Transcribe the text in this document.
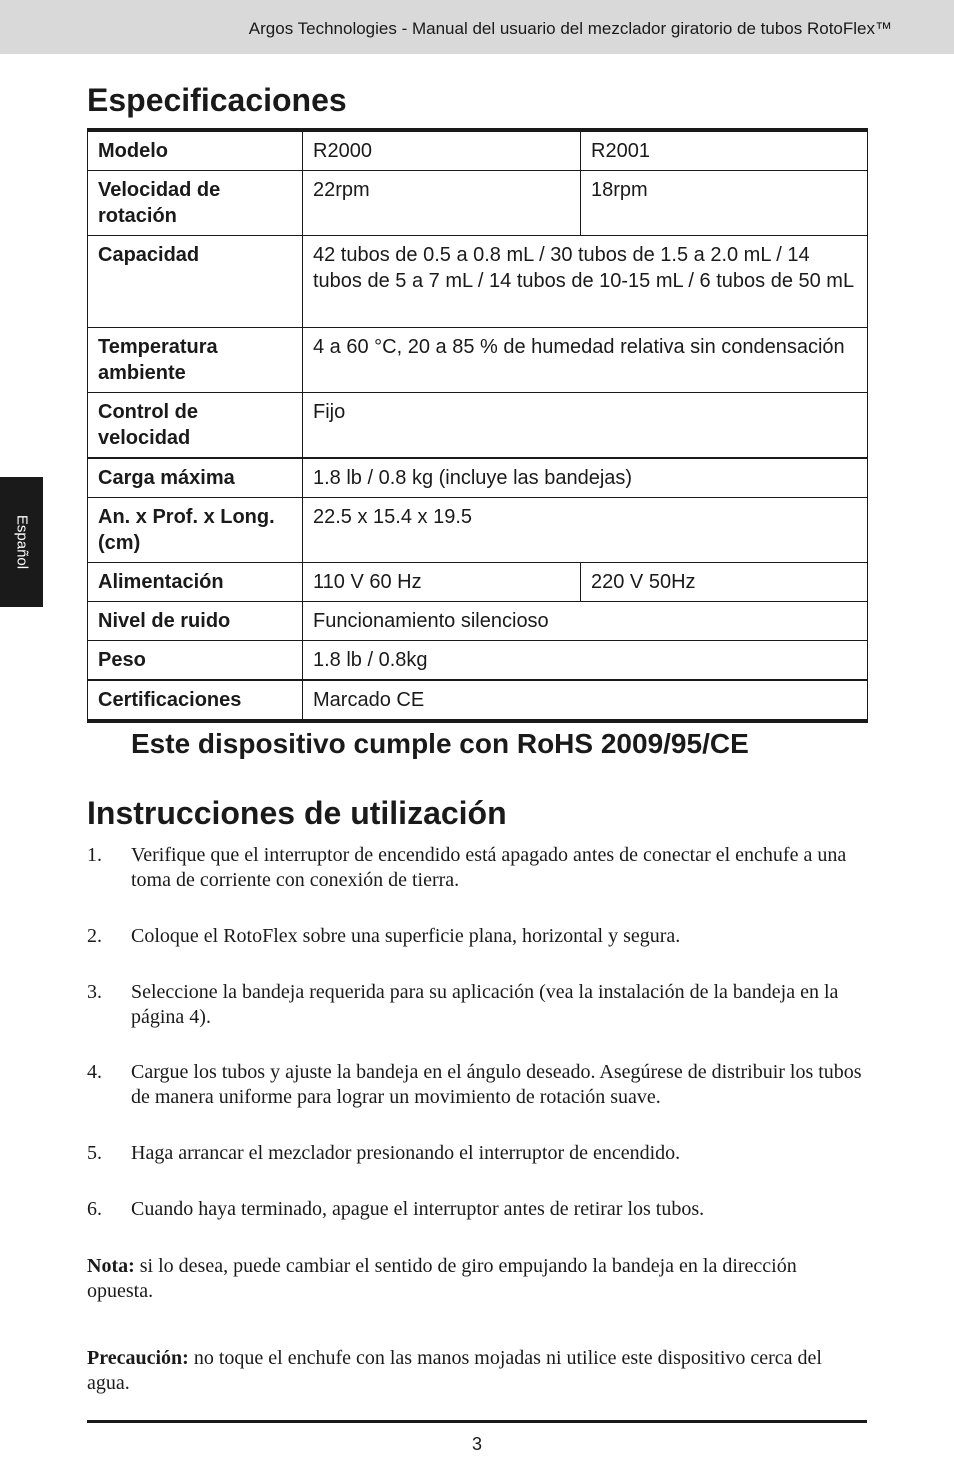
Argos Technologies - Manual del usuario del mezclador giratorio de tubos RotoFlex™
Español
Especificaciones
Modelo	R2000	R2001
Velocidad de rotación	22rpm	18rpm
Capacidad	42 tubos de 0.5 a 0.8 mL / 30 tubos de 1.5 a 2.0 mL / 14 tubos de 5 a 7 mL / 14 tubos de 10-15 mL / 6 tubos de 50 mL	
Temperatura ambiente	4 a 60 °C, 20 a 85 % de humedad relativa sin condensación	
Control de velocidad	Fijo	
Carga máxima	1.8 lb / 0.8 kg (incluye las bandejas)	
An. x Prof. x Long. (cm)	22.5 x 15.4 x 19.5	
Alimentación	110 V 60 Hz	220 V 50Hz
Nivel de ruido	Funcionamiento silencioso	
Peso	1.8 lb / 0.8kg	
Certificaciones	Marcado CE	
Este dispositivo cumple con RoHS 2009/95/CE
Instrucciones de utilización
1. Verifique que el interruptor de encendido está apagado antes de conectar el enchufe a una toma de corriente con conexión de tierra.
2. Coloque el RotoFlex sobre una superficie plana, horizontal y segura.
3. Seleccione la bandeja requerida para su aplicación (vea la instalación de la bandeja en la página 4).
4. Cargue los tubos y ajuste la bandeja en el ángulo deseado. Asegúrese de distribuir los tubos de manera uniforme para lograr un movimiento de rotación suave.
5. Haga arrancar el mezclador presionando el interruptor de encendido.
6. Cuando haya terminado, apague el interruptor antes de retirar los tubos.
Nota: si lo desea, puede cambiar el sentido de giro empujando la bandeja en la dirección opuesta.
Precaución: no toque el enchufe con las manos mojadas ni utilice este dispositivo cerca del agua.
3
